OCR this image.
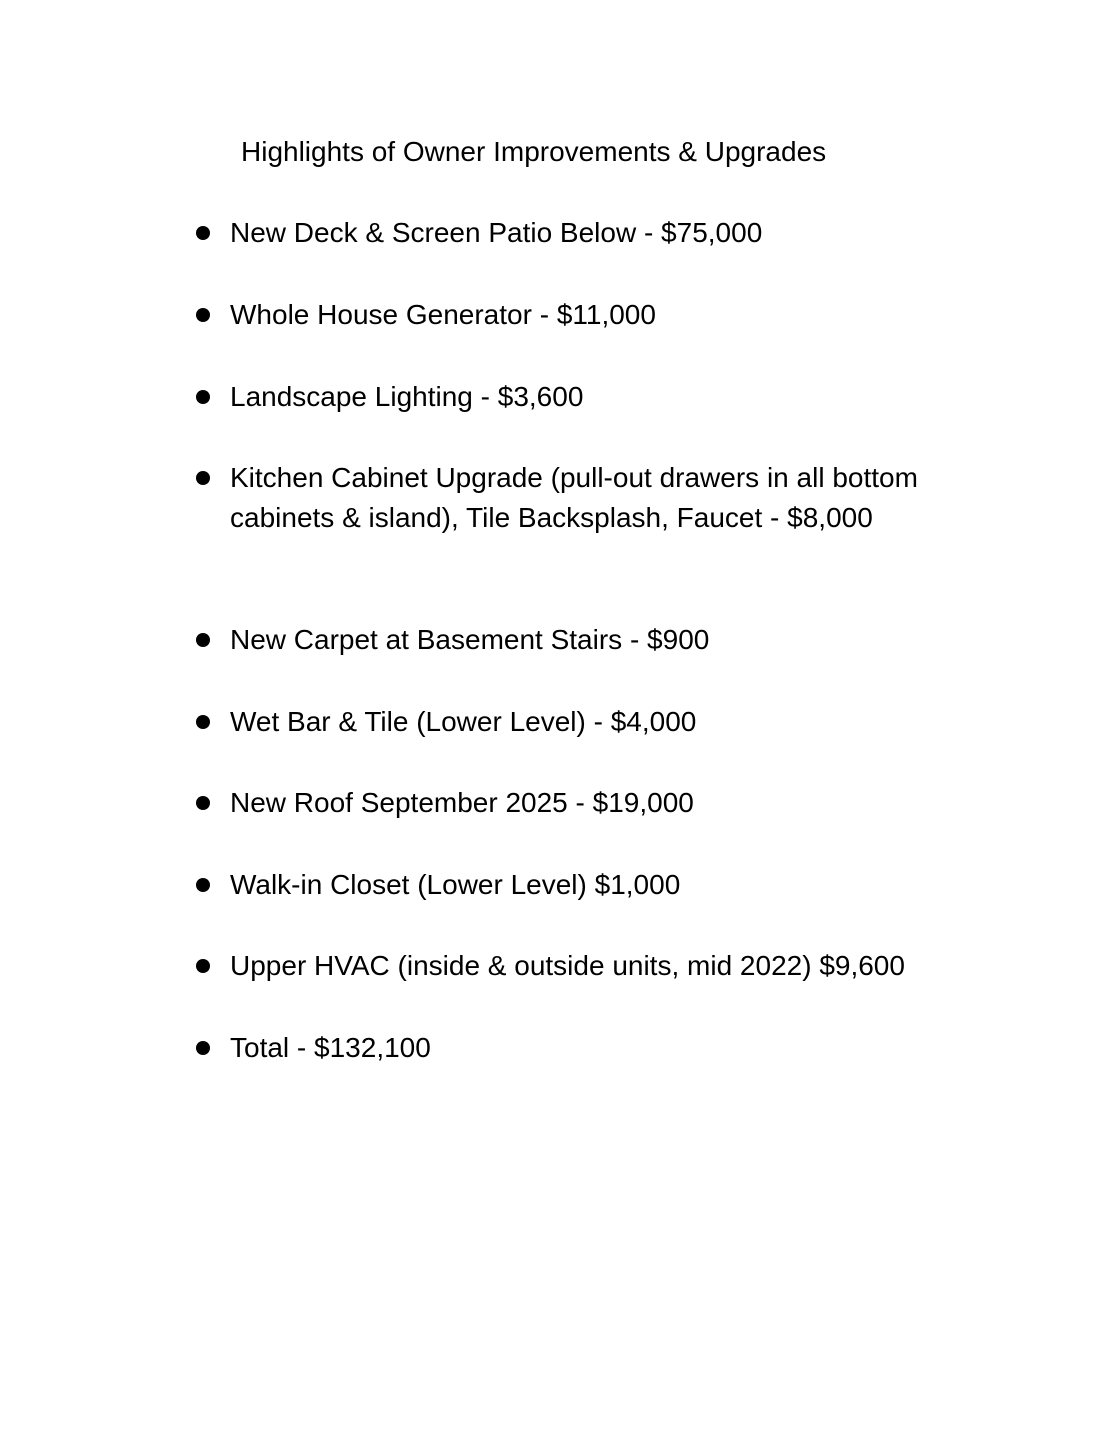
Highlights of Owner Improvements & Upgrades
New Deck & Screen Patio Below - $75,000
Whole House Generator - $11,000
Landscape Lighting - $3,600
Kitchen Cabinet Upgrade (pull-out drawers in all bottom cabinets & island), Tile Backsplash, Faucet - $8,000
New Carpet at Basement Stairs - $900
Wet Bar & Tile (Lower Level) - $4,000
New Roof September 2025 - $19,000
Walk-in Closet (Lower Level) $1,000
Upper HVAC (inside & outside units, mid 2022) $9,600
Total - $132,100
